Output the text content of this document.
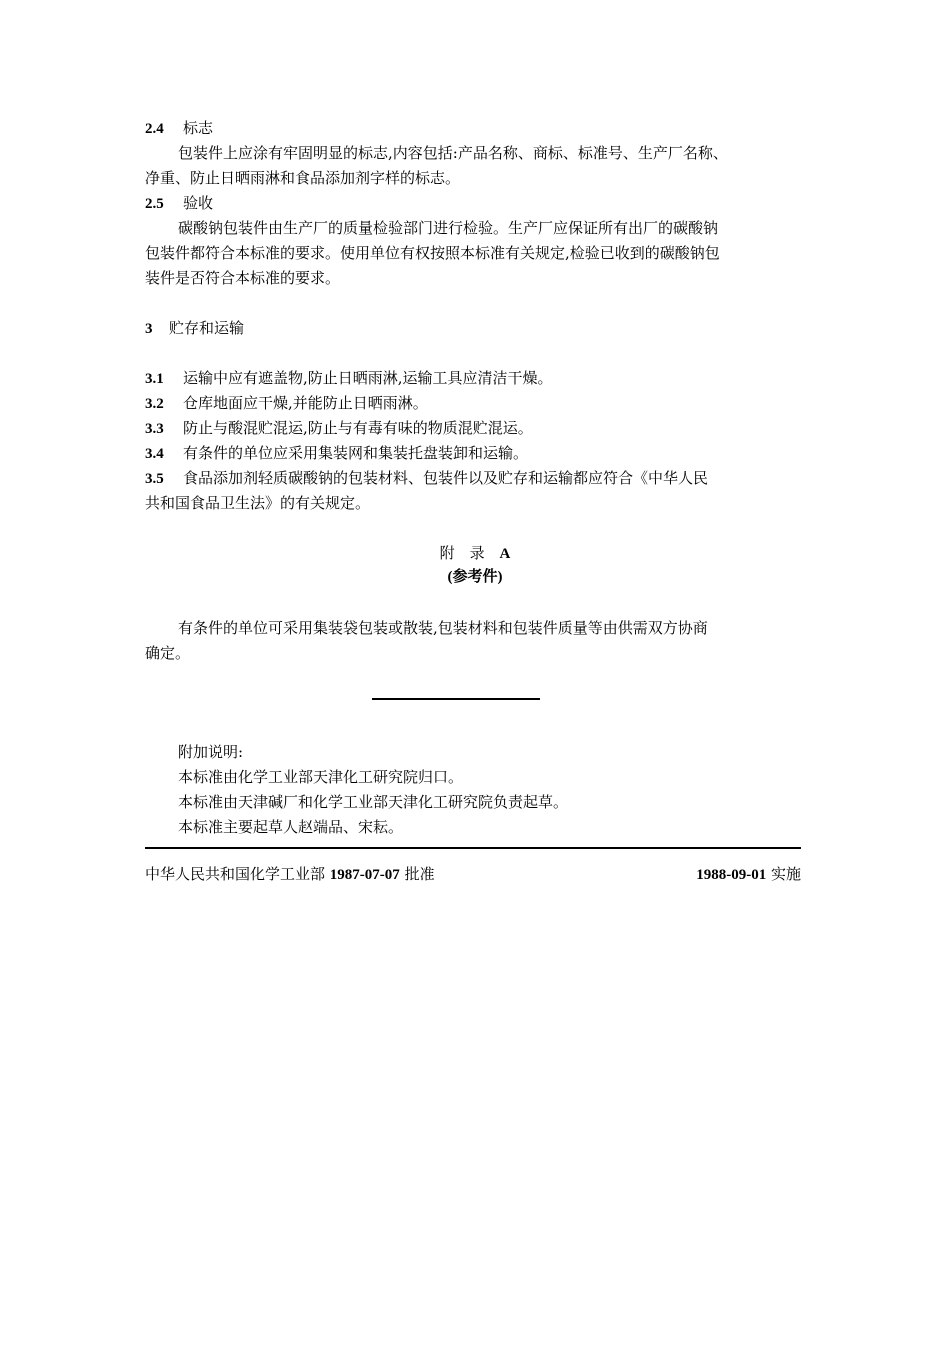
2.4 标志
包装件上应涂有牢固明显的标志,内容包括:产品名称、商标、标准号、生产厂名称、
净重、防止日晒雨淋和食品添加剂字样的标志。
2.5 验收
碳酸钠包装件由生产厂的质量检验部门进行检验。生产厂应保证所有出厂的碳酸钠
包装件都符合本标准的要求。使用单位有权按照本标准有关规定,检验已收到的碳酸钠包
装件是否符合本标准的要求。
3 贮存和运输
3.1 运输中应有遮盖物,防止日晒雨淋,运输工具应清洁干燥。
3.2 仓库地面应干燥,并能防止日晒雨淋。
3.3 防止与酸混贮混运,防止与有毒有味的物质混贮混运。
3.4 有条件的单位应采用集装网和集装托盘装卸和运输。
3.5 食品添加剂轻质碳酸钠的包装材料、包装件以及贮存和运输都应符合《中华人民
共和国食品卫生法》的有关规定。
附　录 A
(参考件)
有条件的单位可采用集装袋包装或散装,包装材料和包装件质量等由供需双方协商
确定。
附加说明:
本标准由化学工业部天津化工研究院归口。
本标准由天津碱厂和化学工业部天津化工研究院负责起草。
本标准主要起草人赵端品、宋耘。
中华人民共和国化学工业部 1987-07-07 批准	1988-09-01 实施
